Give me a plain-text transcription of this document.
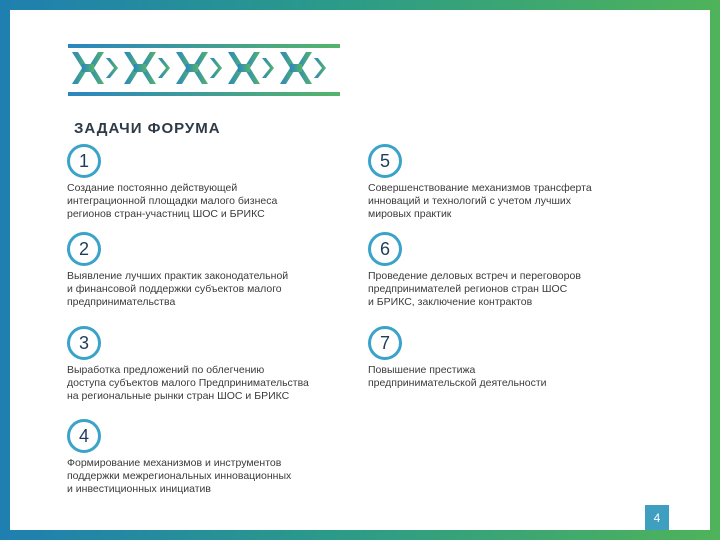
ЗАДАЧИ ФОРУМА
1
Создание постоянно действующей
интеграционной площадки малого бизнеса
регионов стран-участниц ШОС и БРИКС
2
Выявление лучших практик законодательной
и финансовой поддержки субъектов малого
предпринимательства
3
Выработка предложений по облегчению
доступа субъектов малого Предпринимательства
на региональные рынки стран ШОС и БРИКС
4
Формирование механизмов и инструментов
поддержки межрегиональных инновационных
и инвестиционных инициатив
5
Совершенствование механизмов трансферта
инноваций и технологий с учетом лучших
мировых практик
6
Проведение деловых встреч и переговоров
предпринимателей регионов стран ШОС
и БРИКС, заключение контрактов
7
Повышение престижа
предпринимательской деятельности
4
